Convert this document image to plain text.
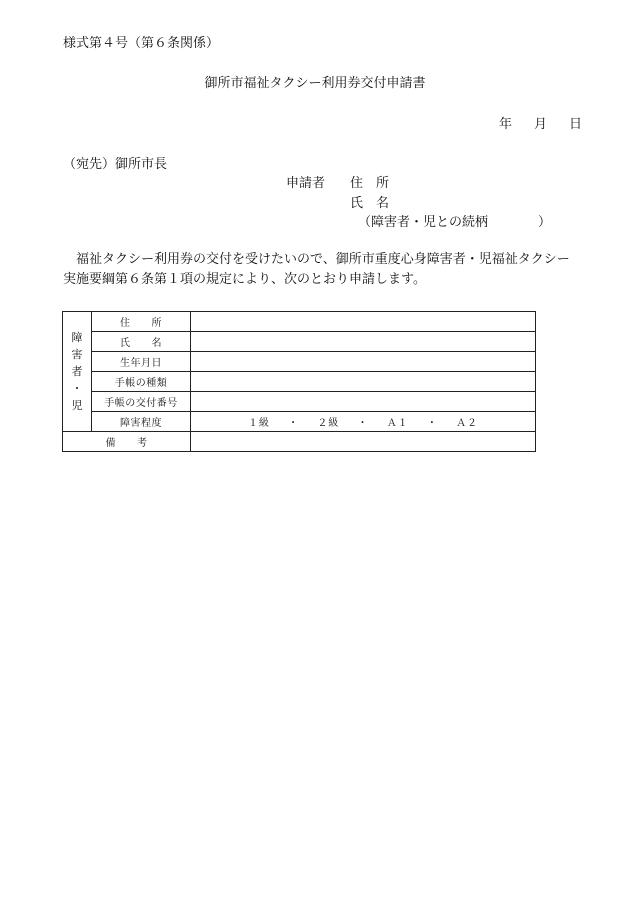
様式第４号（第６条関係）
御所市福祉タクシー利用券交付申請書
年 月 日
（宛先）御所市長
申請者 住　所
氏　名
（障害者・児との続柄	）

福祉タクシー利用券の交付を受けたいので、御所市重度心身障害者・児福祉タクシー

実施要綱第６条第１項の規定により、次のとおり申請します。

障
害
者
・
児	住　　所	
	氏　　名	
	生年月日	
	手帳の種類	
	手帳の交付番号	
	障害程度	１級 ・ ２級 ・ Ａ１ ・ Ａ２
備　　考		
